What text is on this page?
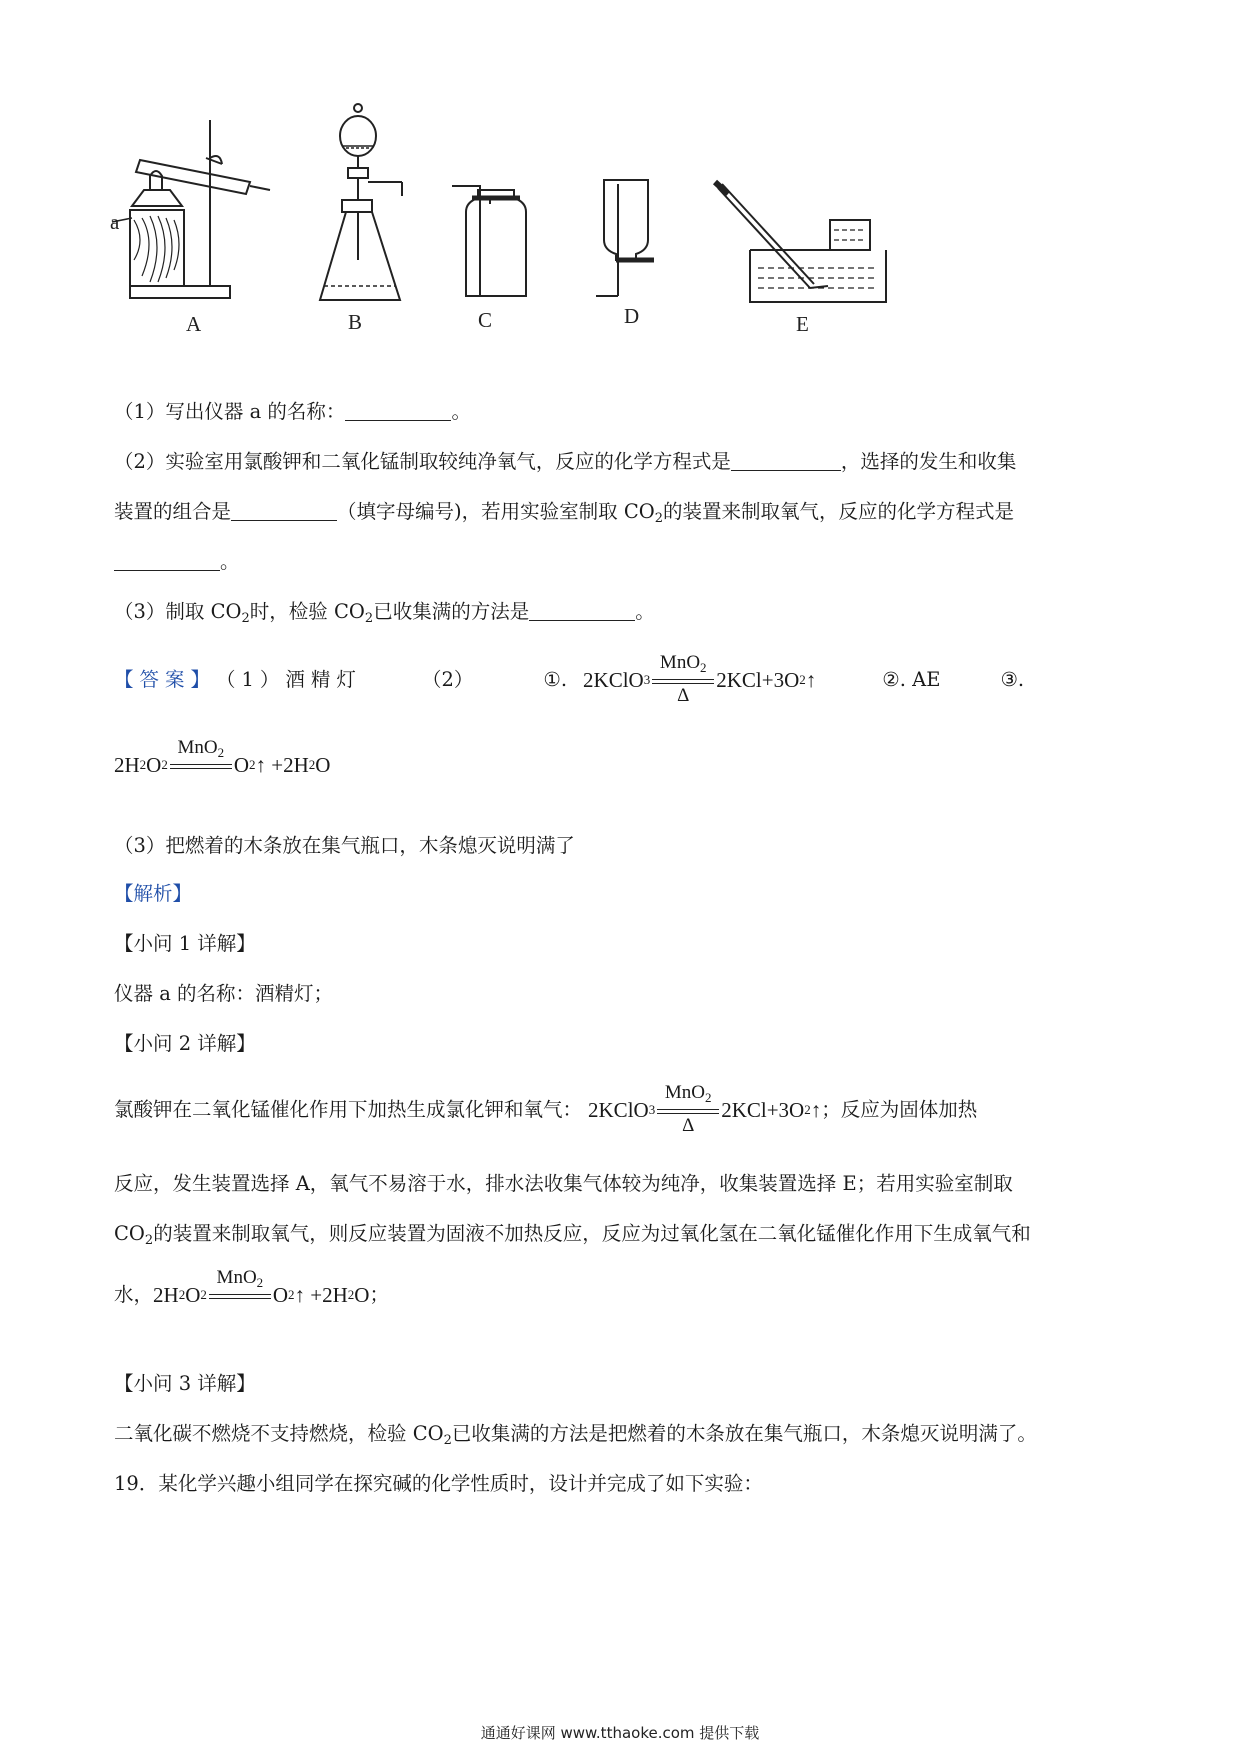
a
A	B	C	D	E
（1）写出仪器 a 的名称：	。
（2）实验室用氯酸钾和二氧化锰制取较纯净氧气，反应的化学方程式是	，选择的发生和收集
装置的组合是	（填字母编号)，若用实验室制取 $CO_2$的装置来制取氧气，反应的化学方程式是
。
（3）制取 $CO_2$时，检验 $CO_2$已收集满的方法是	。
【答案】 （1）酒精灯	（2）	①. 2KClO 3
MnO$_2$
Δ
2KCl+3O 2 ↑	②. AE	③.
2H 2 O 2
MnO$_2$
O 2 ↑ +2H 2 O
（3）把燃着的木条放在集气瓶口，木条熄灭说明满了
【解析】
【小问 1 详解】
仪器 a 的名称：酒精灯；
【小问 2 详解】
氯酸钾在二氧化锰催化作用下加热生成氯化钾和氧气： 2KClO 3
MnO$_2$
Δ
2KCl+3O 2 ↑ ；反应为固体加热
反应，发生装置选择 A，氧气不易溶于水，排水法收集气体较为纯净，收集装置选择 E；若用实验室制取
$CO_2$的装置来制取氧气，则反应装置为固液不加热反应，反应为过氧化氢在二氧化锰催化作用下生成氧气和
水， 2H 2 O 2
MnO$_2$
O 2 ↑ +2H 2 O ；
【小问 3 详解】
二氧化碳不燃烧不支持燃烧，检验 $CO_2$已收集满的方法是把燃着的木条放在集气瓶口，木条熄灭说明满了。
19．某化学兴趣小组同学在探究碱的化学性质时，设计并完成了如下实验：
通通好课网 www.tthaoke.com 提供下载
